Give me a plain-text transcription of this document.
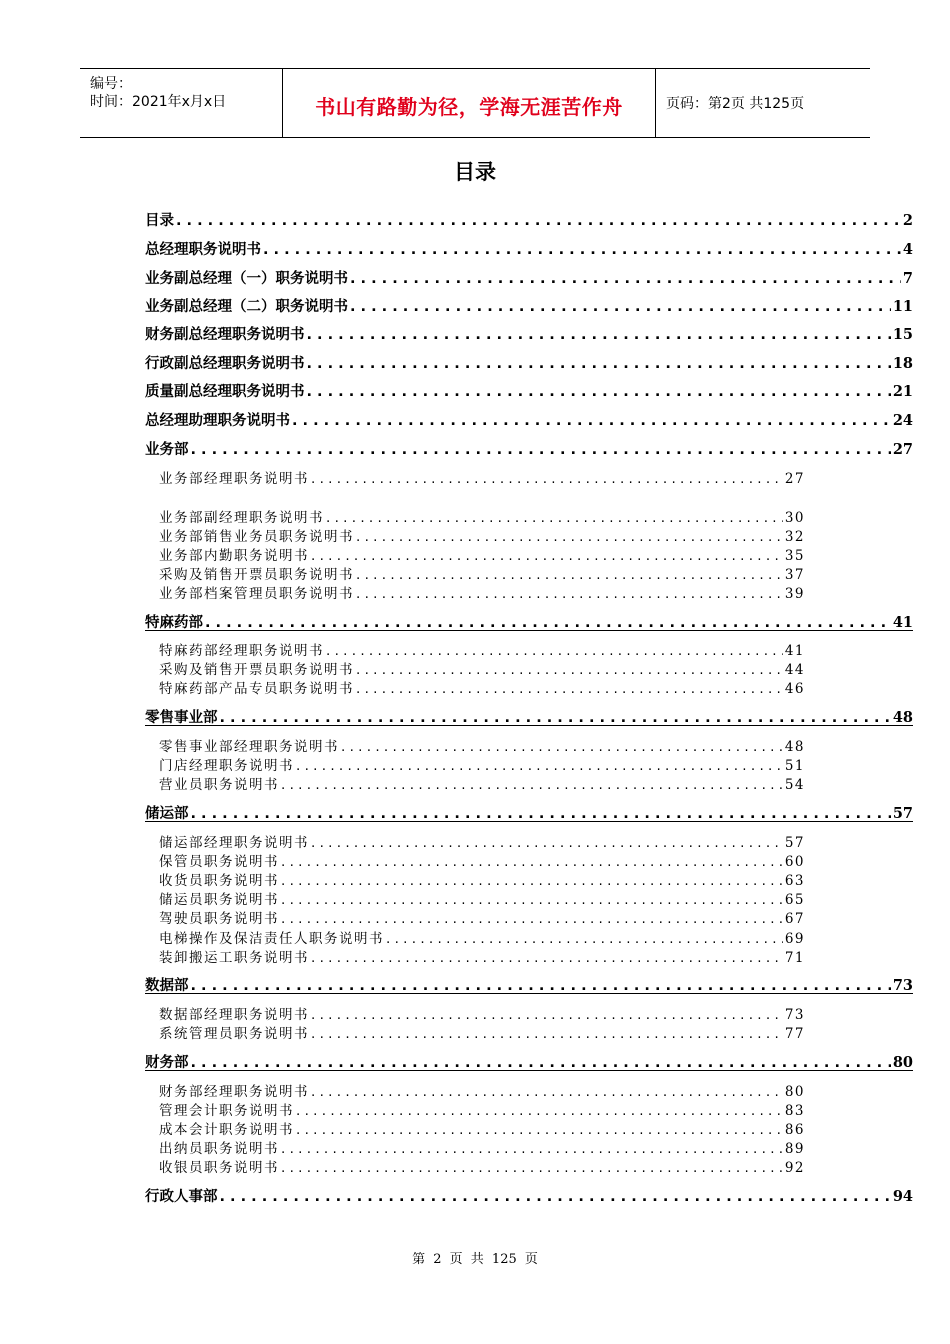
编号：
时间：2021年x月x日	书山有路勤为径，学海无涯苦作舟	页码：第2页 共125页
目录
目录 . . .	2
总经理职务说明书 . . .	4
业务副总经理（一）职务说明书 . . .	7
业务副总经理（二）职务说明书 . . .	11
财务副总经理职务说明书 . . .	15
行政副总经理职务说明书 . . .	18
质量副总经理职务说明书 . . .	21
总经理助理职务说明书 . . .	24
业务部 . . .	27
业务部经理职务说明书 . . .	27
业务部副经理职务说明书 . . .	30
业务部销售业务员职务说明书 . . .	32
业务部内勤职务说明书 . . .	35
采购及销售开票员职务说明书 . . .	37
业务部档案管理员职务说明书 . . .	39
特麻药部 . . .	41
特麻药部经理职务说明书 . . .	41
采购及销售开票员职务说明书 . . .	44
特麻药部产品专员职务说明书 . . .	46
零售事业部 . . .	48
零售事业部经理职务说明书 . . .	48
门店经理职务说明书 . . .	51
营业员职务说明书 . . .	54
储运部 . . .	57
储运部经理职务说明书 . . .	57
保管员职务说明书 . . .	60
收货员职务说明书 . . .	63
储运员职务说明书 . . .	65
驾驶员职务说明书 . . .	67
电梯操作及保洁责任人职务说明书 . . .	69
装卸搬运工职务说明书 . . .	71
数据部 . . .	73
数据部经理职务说明书 . . .	73
系统管理员职务说明书 . . .	77
财务部 . . .	80
财务部经理职务说明书 . . .	80
管理会计职务说明书 . . .	83
成本会计职务说明书 . . .	86
出纳员职务说明书 . . .	89
收银员职务说明书 . . .	92
行政人事部 . . .	94
第 2 页 共 125 页
